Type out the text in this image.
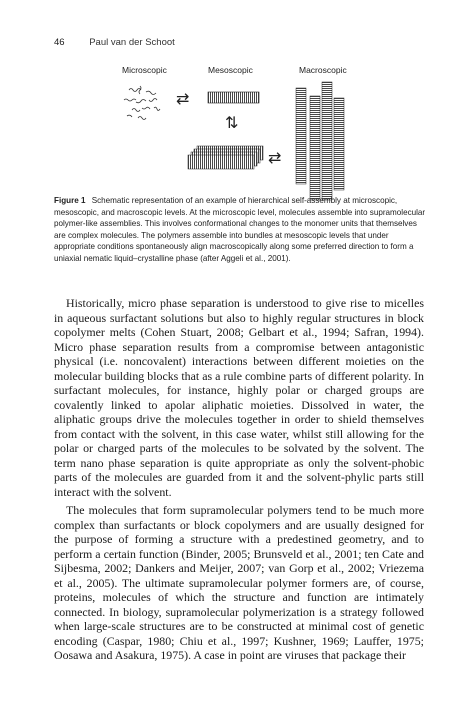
46	Paul van der Schoot
Microscopic	Mesoscopic	Macroscopic
⇄
⇅
⇄
Figure 1 Schematic representation of an example of hierarchical self-assembly at microscopic, mesoscopic, and macroscopic levels. At the microscopic level, molecules assemble into supramolecular polymer-like assemblies. This involves conformational changes to the monomer units that themselves are complex molecules. The polymers assemble into bundles at mesoscopic levels that under appropriate conditions spontaneously align macroscopically along some preferred direction to form a uniaxial nematic liquid–crystalline phase (after Aggeli et al., 2001).

Historically, micro phase separation is understood to give rise to micelles in aqueous surfactant solutions but also to highly regular structures in block copolymer melts (Cohen Stuart, 2008; Gelbart et al., 1994; Safran, 1994). Micro phase separation results from a compromise between antagonistic physical (i.e. noncovalent) interactions between different moieties on the molecular building blocks that as a rule combine parts of different polarity. In surfactant molecules, for instance, highly polar or charged groups are covalently linked to apolar aliphatic moieties. Dissolved in water, the aliphatic groups drive the molecules together in order to shield themselves from contact with the solvent, in this case water, whilst still allowing for the polar or charged parts of the molecules to be solvated by the solvent. The term nano phase separation is quite appropriate as only the solvent-phobic parts of the molecules are guarded from it and the solvent-phylic parts still interact with the solvent.

The molecules that form supramolecular polymers tend to be much more complex than surfactants or block copolymers and are usually designed for the purpose of forming a structure with a predestined geometry, and to perform a certain function (Binder, 2005; Brunsveld et al., 2001; ten Cate and Sijbesma, 2002; Dankers and Meijer, 2007; van Gorp et al., 2002; Vriezema et al., 2005). The ultimate supramolecular polymer formers are, of course, proteins, molecules of which the structure and function are intimately connected. In biology, supramolecular polymerization is a strategy followed when large-scale structures are to be constructed at minimal cost of genetic encoding (Caspar, 1980; Chiu et al., 1997; Kushner, 1969; Lauffer, 1975; Oosawa and Asakura, 1975). A case in point are viruses that package their
